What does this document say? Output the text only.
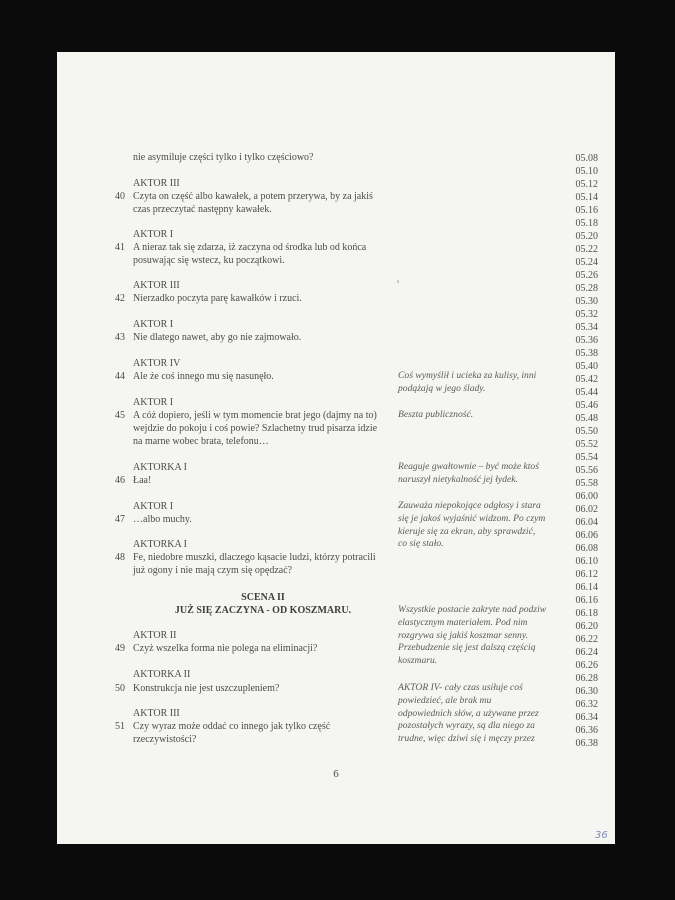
nie asymiluje części tylko i tylko częściowo?
AKTOR III
40 Czyta on część albo kawałek, a potem przerywa, by za jakiś
czas przeczytać następny kawałek.
AKTOR I
41 A nieraz tak się zdarza, iż zaczyna od środka lub od końca
posuwając się wstecz, ku początkowi.
AKTOR III
42 Nierzadko poczyta parę kawałków i rzuci.
AKTOR I
43 Nie dlatego nawet, aby go nie zajmowało.
AKTOR IV
44 Ale że coś innego mu się nasunęło.
AKTOR I
45 A cóż dopiero, jeśli w tym momencie brat jego (dajmy na to)
wejdzie do pokoju i coś powie? Szlachetny trud pisarza idzie
na marne wobec brata, telefonu…
AKTORKA I
46 Łaa!
AKTOR I
47 …albo muchy.
AKTORKA I
48 Fe, niedobre muszki, dlaczego kąsacie ludzi, którzy potracili
już ogony i nie mają czym się opędzać?
AKTOR II
49 Czyż wszelka forma nie polega na eliminacji?
AKTORKA II
50 Konstrukcja nie jest uszczupleniem?
AKTOR III
51 Czy wyraz może oddać co innego jak tylko część
rzeczywistości?
SCENA II
JUŻ SIĘ ZACZYNA - OD KOSZMARU.
Coś wymyślił i ucieka za kulisy, inni
podążają w jego ślady.
Beszta publiczność.
Reaguje gwałtownie – być może ktoś
naruszył nietykalność jej łydek.
Zauważa niepokojące odgłosy i stara
się je jakoś wyjaśnić widzom. Po czym
kieruje się za ekran, aby sprawdzić,
co się stało.
Wszystkie postacie zakryte nad podziw
elastycznym materiałem. Pod nim
rozgrywa się jakiś koszmar senny.
Przebudzenie się jest dalszą częścią
koszmaru.
AKTOR IV- cały czas usiłuje coś
powiedzieć, ale brak mu
odpowiednich słów, a używane przez
pozostałych wyrazy, są dla niego za
trudne, więc dziwi się i męczy przez
05.08
05.10
05.12
05.14
05.16
05.18
05.20
05.22
05.24
05.26
05.28
05.30
05.32
05.34
05.36
05.38
05.40
05.42
05.44
05.46
05.48
05.50
05.52
05.54
05.56
05.58
06.00
06.02
06.04
06.06
06.08
06.10
06.12
06.14
06.16
06.18
06.20
06.22
06.24
06.26
06.28
06.30
06.32
06.34
06.36
06.38
6
36
